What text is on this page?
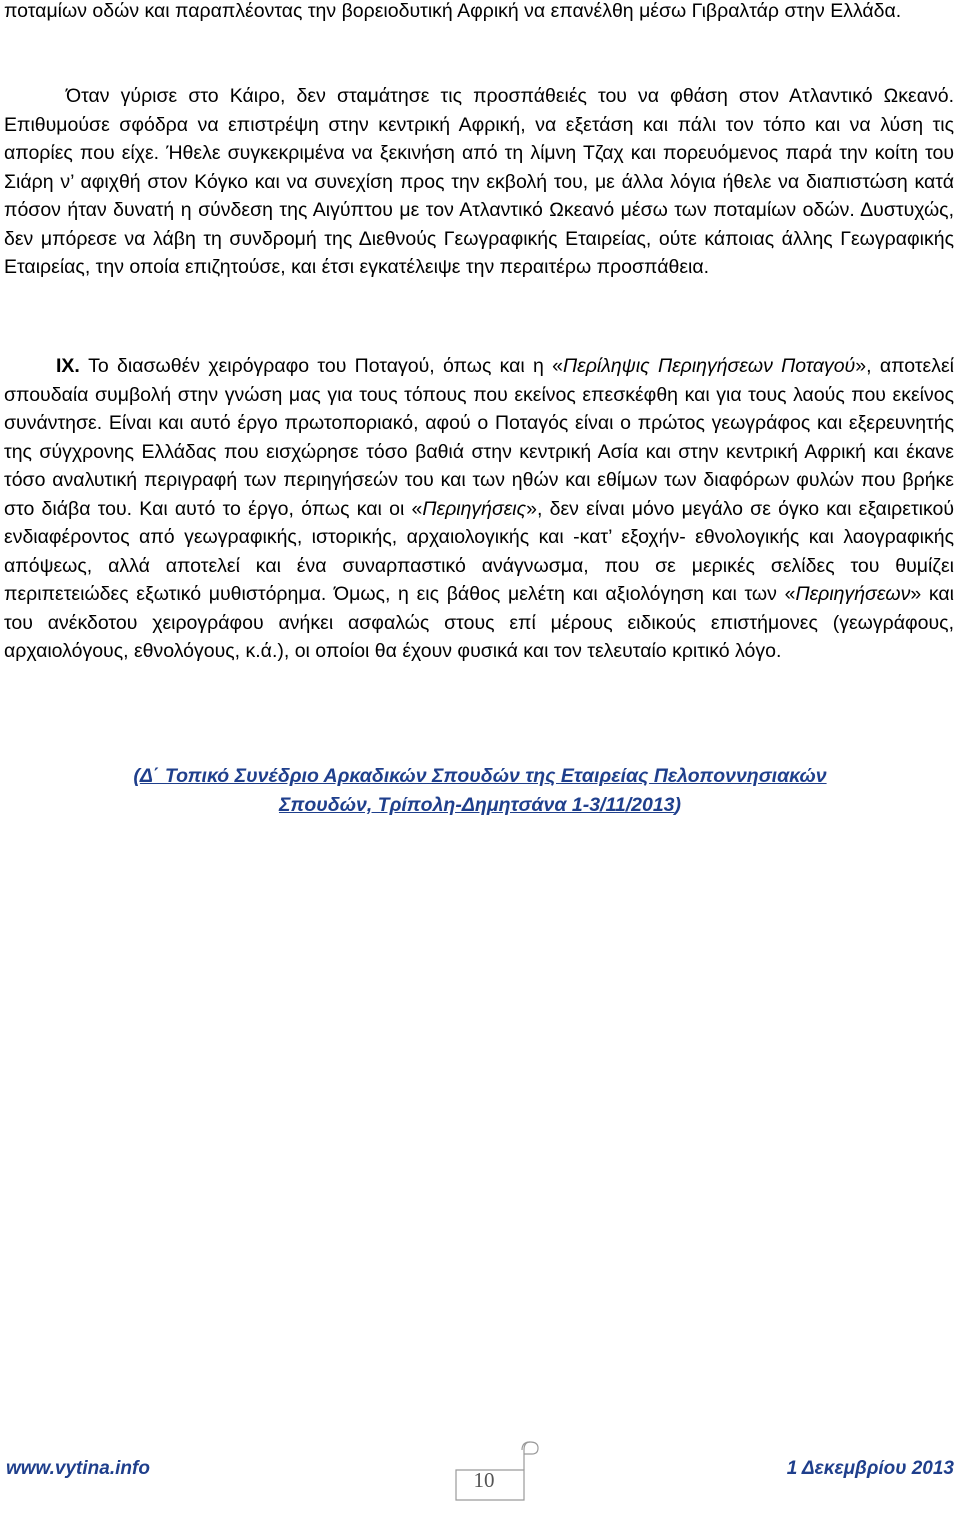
ποταμίων οδών και παραπλέοντας την βορειοδυτική Αφρική να επανέλθη μέσω Γιβραλτάρ στην Ελλάδα.
Όταν γύρισε στο Κάιρο, δεν σταμάτησε τις προσπάθειές του να φθάση στον Ατλαντικό Ωκεανό. Επιθυμούσε σφόδρα να επιστρέψη στην κεντρική Αφρική, να εξετάση και πάλι τον τόπο και να λύση τις απορίες που είχε. Ήθελε συγκεκριμένα να ξεκινήση από τη λίμνη Τζαχ και πορευόμενος παρά την κοίτη του Σιάρη ν’ αφιχθή στον Κόγκο και να συνεχίση προς την εκβολή του, με άλλα λόγια ήθελε να διαπιστώση κατά πόσον ήταν δυνατή η σύνδεση της Αιγύπτου με τον Ατλαντικό Ωκεανό μέσω των ποταμίων οδών. Δυστυχώς, δεν μπόρεσε να λάβη τη συνδρομή της Διεθνούς Γεωγραφικής Εταιρείας, ούτε κάποιας άλλης Γεωγραφικής Εταιρείας, την οποία επιζητούσε, και έτσι εγκατέλειψε την περαιτέρω προσπάθεια.
IX. Το διασωθέν χειρόγραφο του Ποταγού, όπως και η «Περίληψις Περιηγήσεων Ποταγού», αποτελεί σπουδαία συμβολή στην γνώση μας για τους τόπους που εκείνος επεσκέφθη και για τους λαούς που εκείνος συνάντησε. Είναι και αυτό έργο πρωτοποριακό, αφού ο Ποταγός είναι ο πρώτος γεωγράφος και εξερευνητής της σύγχρονης Ελλάδας που εισχώρησε τόσο βαθιά στην κεντρική Ασία και στην κεντρική Αφρική και έκανε τόσο αναλυτική περιγραφή των περιηγήσεών του και των ηθών και εθίμων των διαφόρων φυλών που βρήκε στο διάβα του. Και αυτό το έργο, όπως και οι «Περιηγήσεις», δεν είναι μόνο μεγάλο σε όγκο και εξαιρετικού ενδιαφέροντος από γεωγραφικής, ιστορικής, αρχαιολογικής και -κατ’ εξοχήν- εθνολογικής και λαογραφικής απόψεως, αλλά αποτελεί και ένα συναρπαστικό ανάγνωσμα, που σε μερικές σελίδες του θυμίζει περιπετειώδες εξωτικό μυθιστόρημα. Όμως, η εις βάθος μελέτη και αξιολόγηση και των «Περιηγήσεων» και του ανέκδοτου χειρογράφου ανήκει ασφαλώς στους επί μέρους ειδικούς επιστήμονες (γεωγράφους, αρχαιολόγους, εθνολόγους, κ.ά.), οι οποίοι θα έχουν φυσικά και τον τελευταίο κριτικό λόγο.
(Δ΄ Τοπικό Συνέδριο Αρκαδικών Σπουδών της Εταιρείας Πελοποννησιακών
Σπουδών, Τρίπολη-Δημητσάνα 1-3/11/2013)
www.vytina.info	10	1 Δεκεμβρίου 2013
